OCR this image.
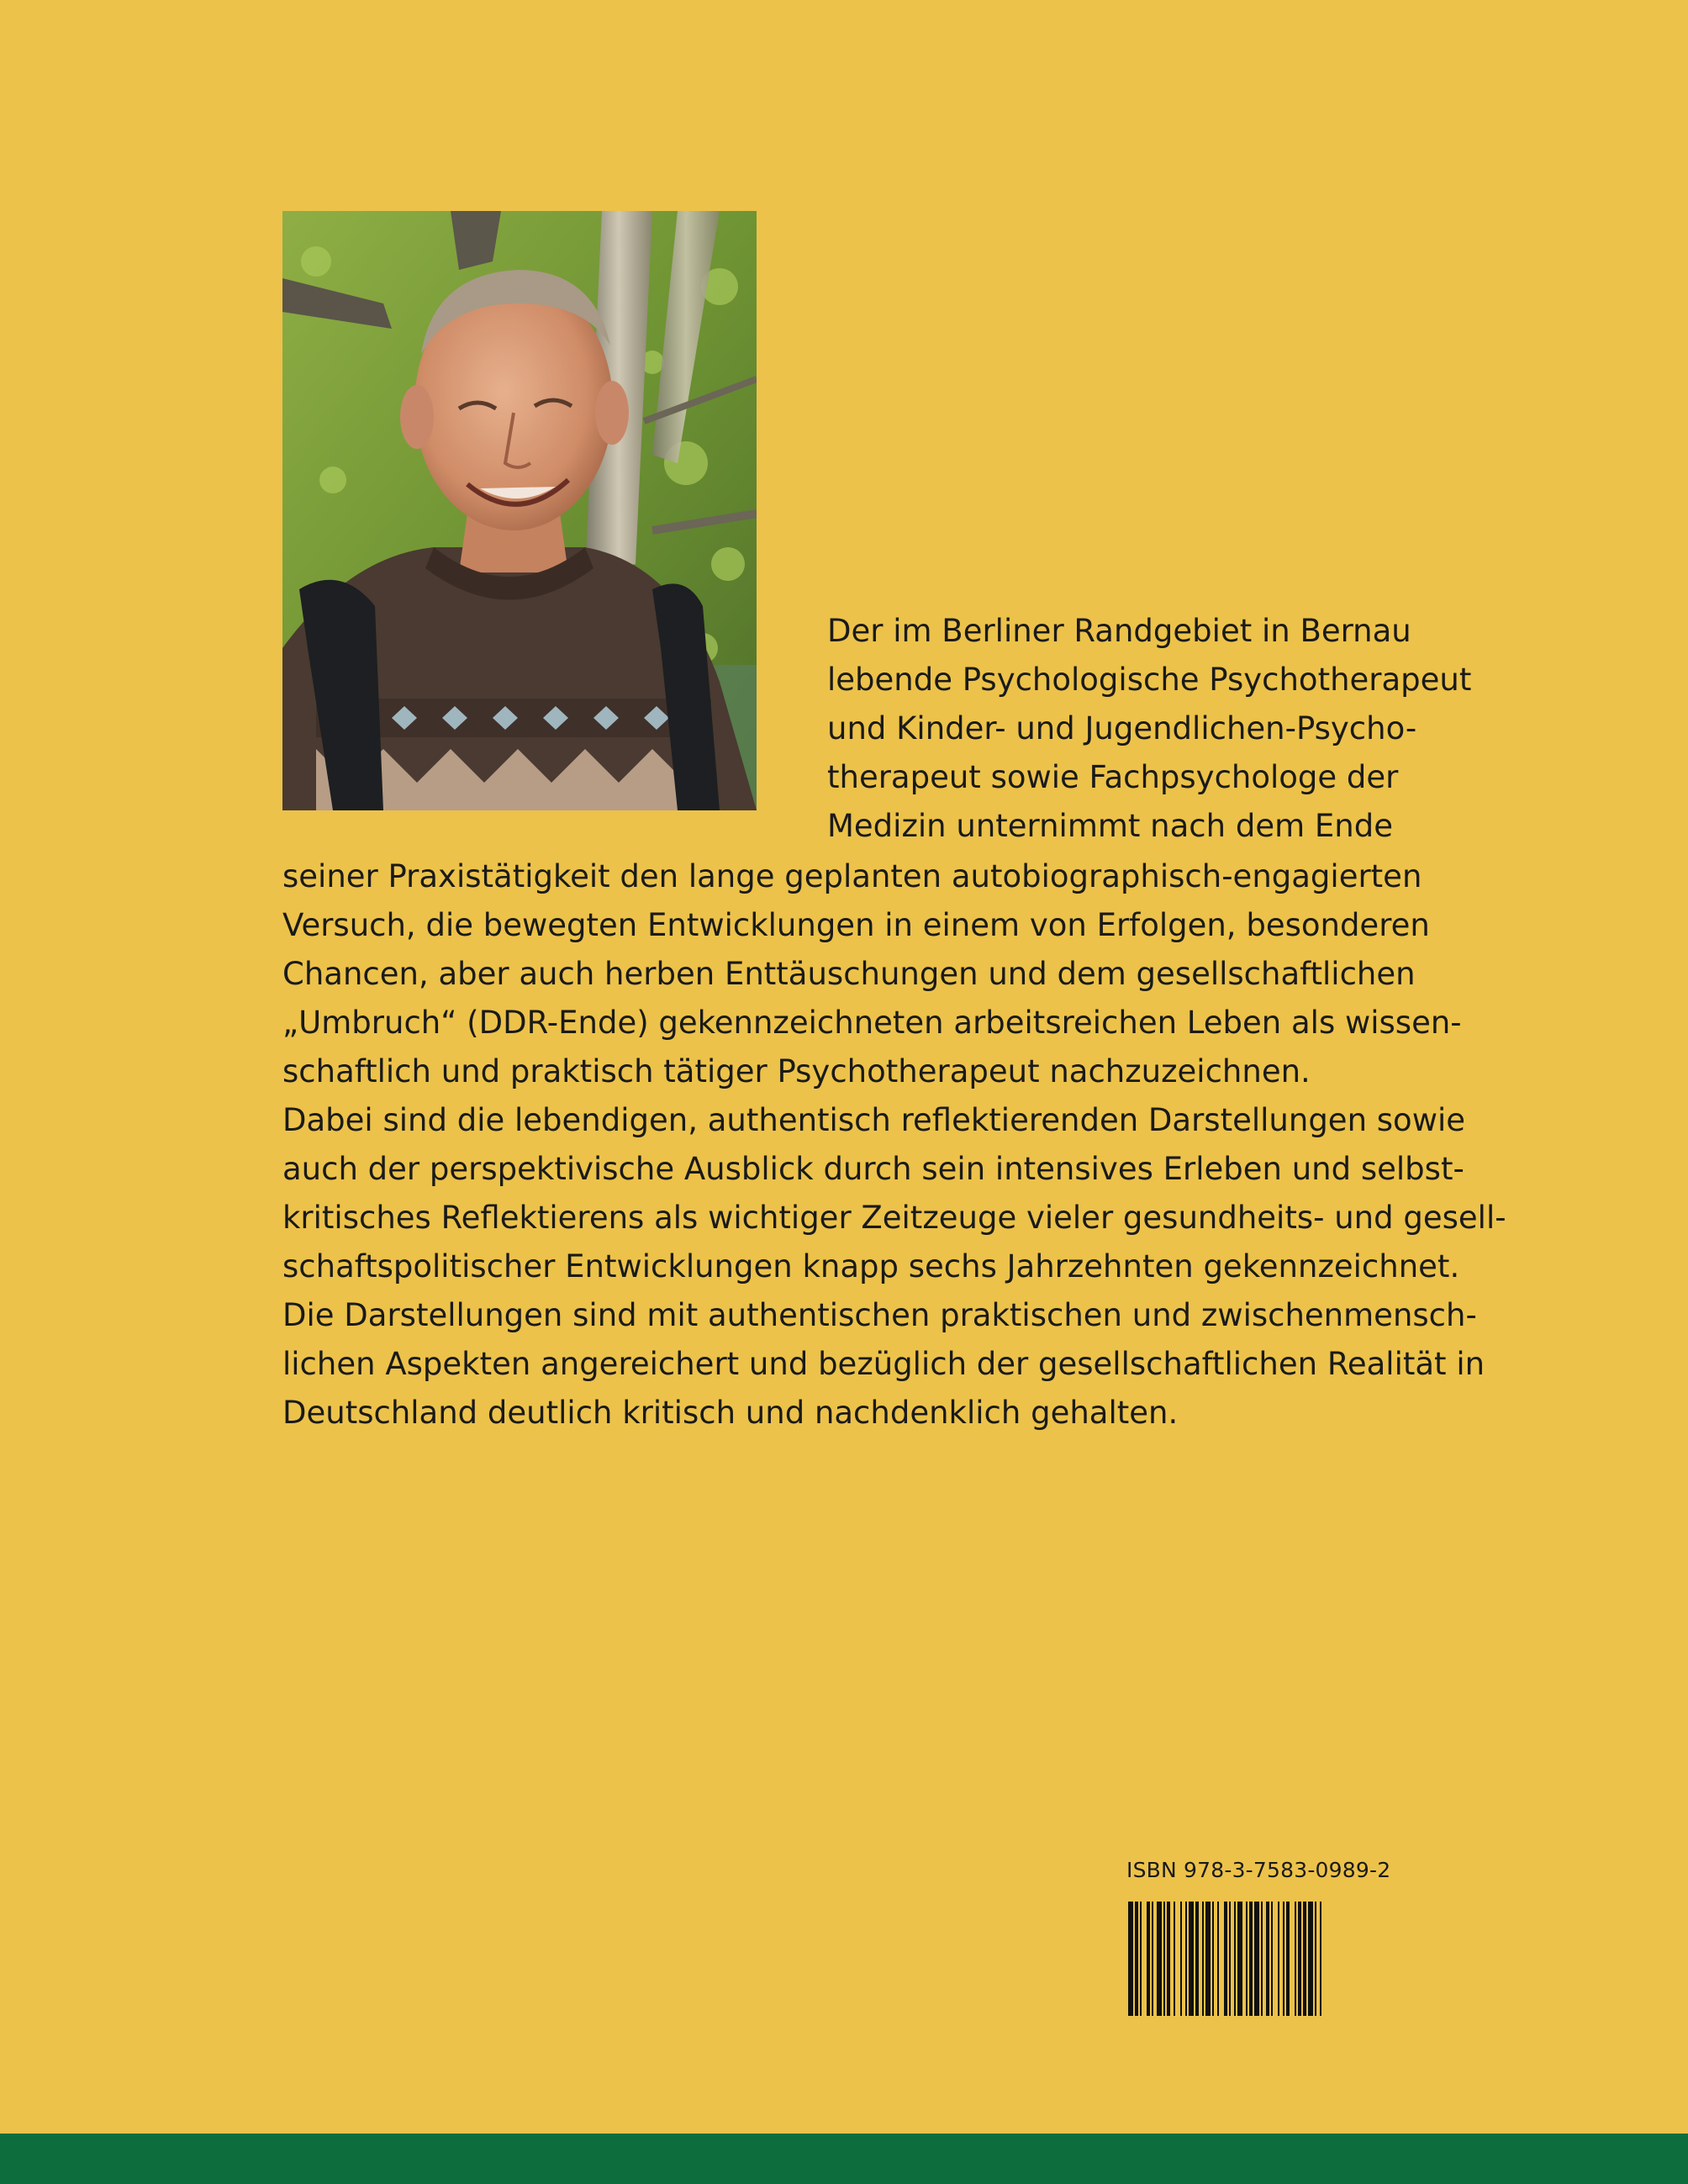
Der im Berliner Randgebiet in Bernau
lebende Psychologische Psychotherapeut
und Kinder- und Jugendlichen-Psycho-
therapeut sowie Fachpsychologe der
Medizin unternimmt nach dem Ende
seiner Praxistätigkeit den lange geplanten autobiographisch-engagierten
Versuch, die bewegten Entwicklungen in einem von Erfolgen, besonderen
Chancen, aber auch herben Enttäuschungen und dem gesellschaftlichen
„Umbruch“ (DDR-Ende) gekennzeichneten arbeitsreichen Leben als wissen-
schaftlich und praktisch tätiger Psychotherapeut nachzuzeichnen.
Dabei sind die lebendigen, authentisch reflektierenden Darstellungen sowie
auch der perspektivische Ausblick durch sein intensives Erleben und selbst-
kritisches Reflektierens als wichtiger Zeitzeuge vieler gesundheits- und gesell-
schaftspolitischer Entwicklungen knapp sechs Jahrzehnten gekennzeichnet.
Die Darstellungen sind mit authentischen praktischen und zwischenmensch-
lichen Aspekten angereichert und bezüglich der gesellschaftlichen Realität in
Deutschland deutlich kritisch und nachdenklich gehalten.
ISBN 978-3-7583-0989-2
